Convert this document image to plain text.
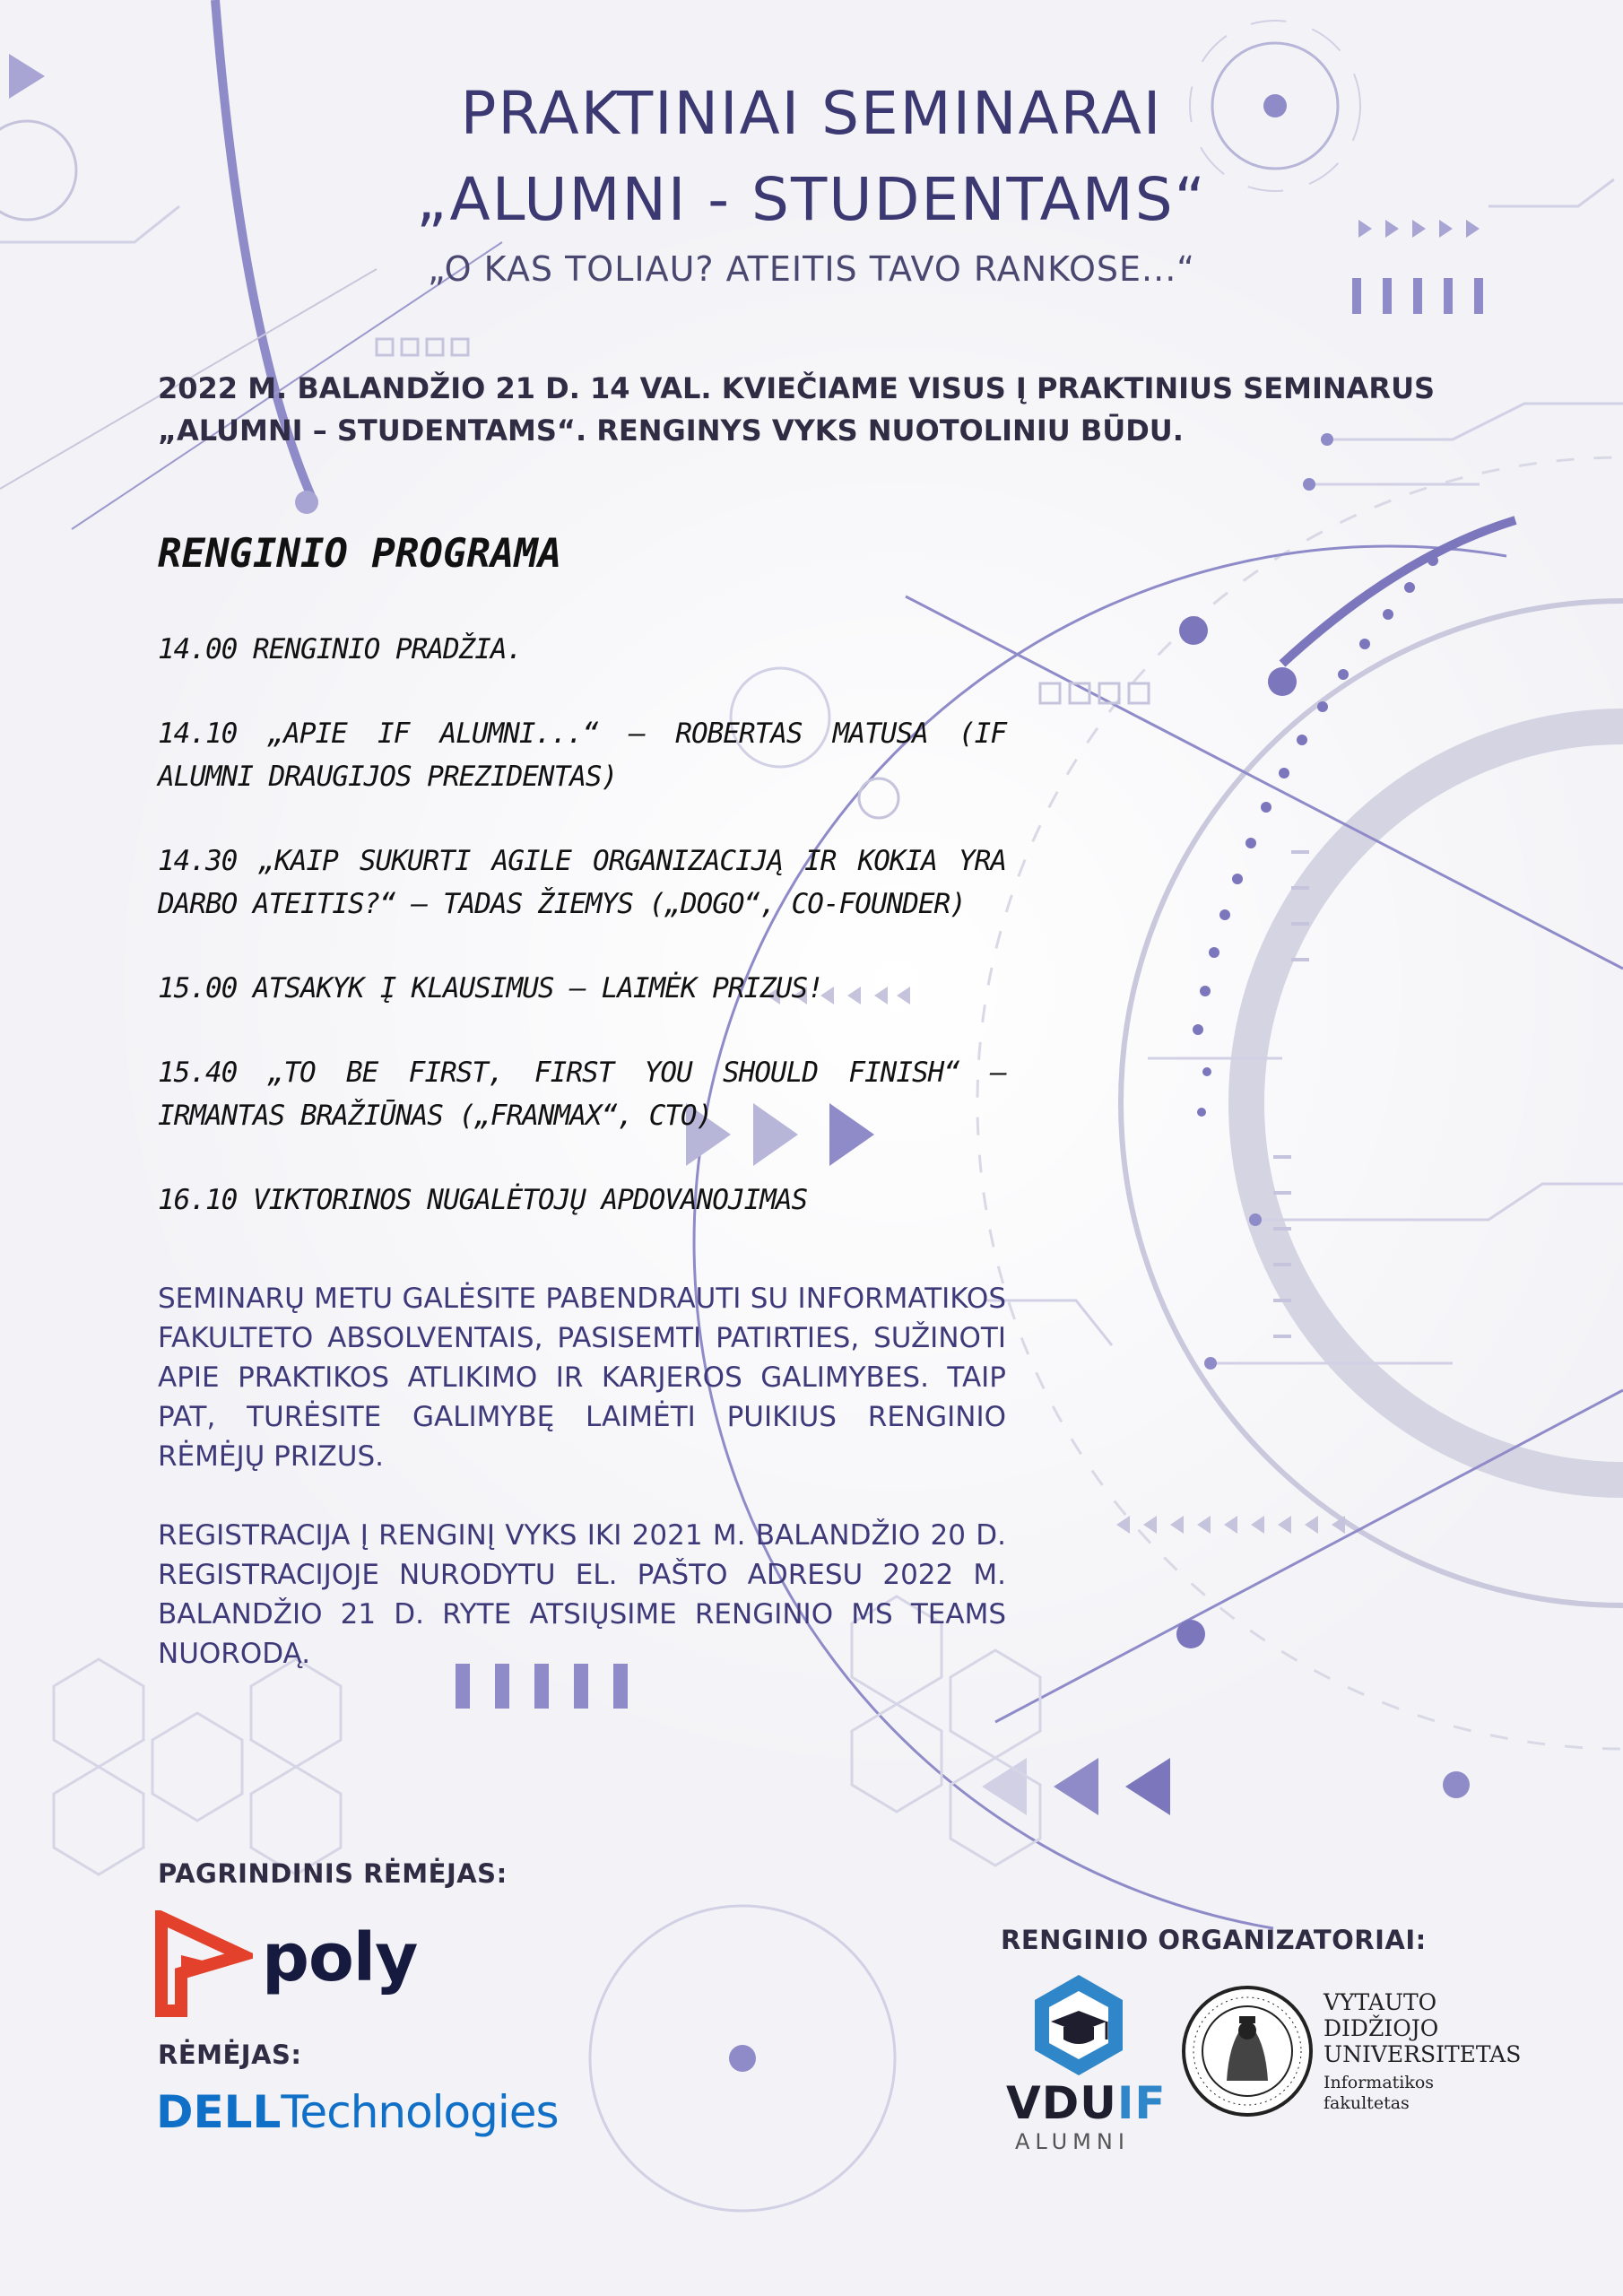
PRAKTINIAI SEMINARAI
„ALUMNI - STUDENTAMS“
„O KAS TOLIAU? ATEITIS TAVO RANKOSE...“
2022 M. BALANDŽIO 21 D. 14 VAL. KVIEČIAME VISUS Į PRAKTINIUS SEMINARUS „ALUMNI – STUDENTAMS“. RENGINYS VYKS NUOTOLINIU BŪDU.
RENGINIO PROGRAMA
14.00 RENGINIO PRADŽIA.
14.10 „APIE IF ALUMNI...“ – ROBERTAS MATUSA (IF ALUMNI DRAUGIJOS PREZIDENTAS)
14.30 „KAIP SUKURTI AGILE ORGANIZACIJĄ IR KOKIA YRA DARBO ATEITIS?“ – TADAS ŽIEMYS („DOGO“, CO-FOUNDER)
15.00 ATSAKYK Į KLAUSIMUS – LAIMĖK PRIZUS!
15.40 „TO BE FIRST, FIRST YOU SHOULD FINISH“ – IRMANTAS BRAŽIŪNAS („FRANMAX“, CTO)
16.10 VIKTORINOS NUGALĖTOJŲ APDOVANOJIMAS
SEMINARŲ METU GALĖSITE PABENDRAUTI SU INFORMATIKOS FAKULTETO ABSOLVENTAIS, PASISEMTI PATIRTIES, SUŽINOTI APIE PRAKTIKOS ATLIKIMO IR KARJEROS GALIMYBES. TAIP PAT, TURĖSITE GALIMYBĘ LAIMĖTI PUIKIUS RENGINIO RĖMĖJŲ PRIZUS.
REGISTRACIJA Į RENGINĮ VYKS IKI 2021 M. BALANDŽIO 20 D. REGISTRACIJOJE NURODYTU EL. PAŠTO ADRESU 2022 M. BALANDŽIO 21 D. RYTE ATSIŲSIME RENGINIO MS TEAMS NUORODĄ.
PAGRINDINIS RĖMĖJAS:
poly
RĖMĖJAS:
DELLTechnologies
RENGINIO ORGANIZATORIAI:
VDUIF
ALUMNI
VYTAUTO
DIDŽIOJO
UNIVERSITETAS
Informatikos
fakultetas
